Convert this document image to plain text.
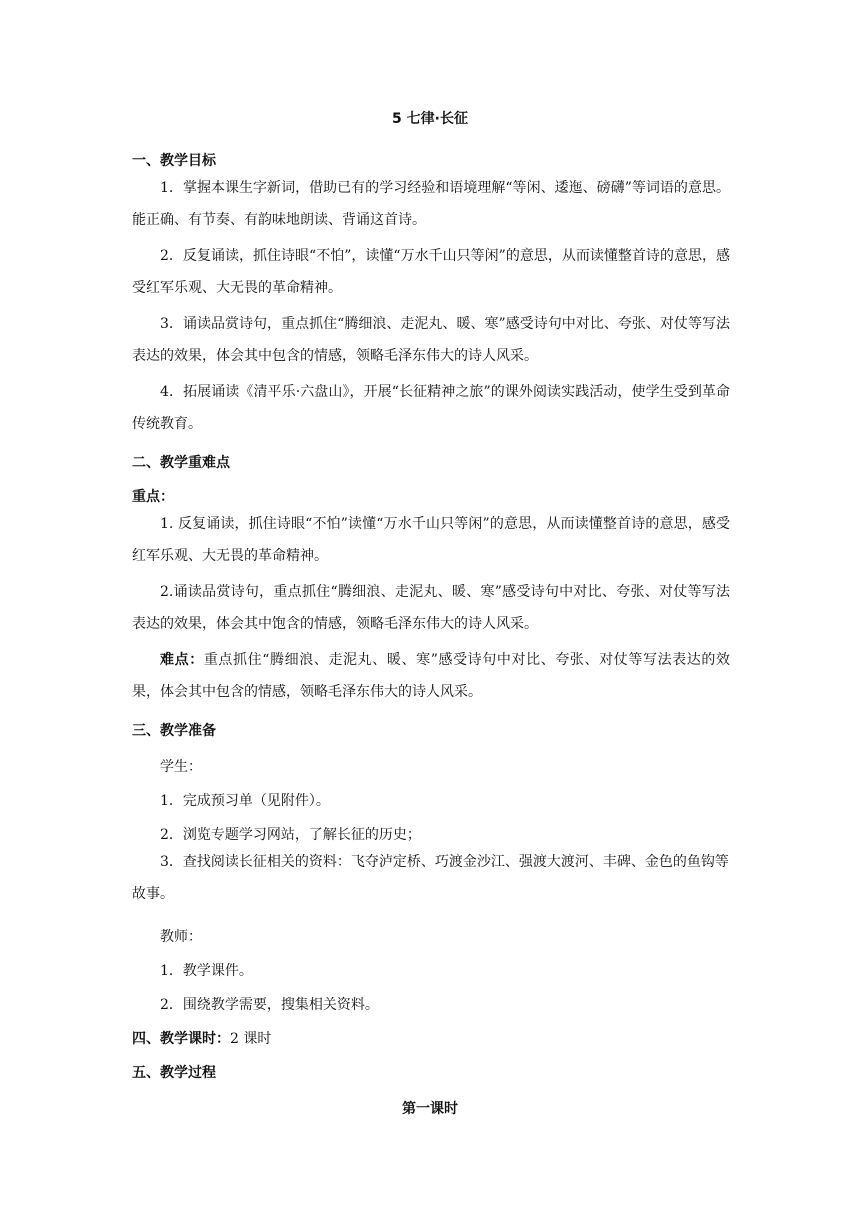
5 七律·长征
一、教学目标
1．掌握本课生字新词，借助已有的学习经验和语境理解“等闲、逶迤、磅礴”等词语的意思。能正确、有节奏、有韵味地朗读、背诵这首诗。
2．反复诵读，抓住诗眼“不怕”，读懂“万水千山只等闲”的意思，从而读懂整首诗的意思，感受红军乐观、大无畏的革命精神。
3．诵读品赏诗句，重点抓住“腾细浪、走泥丸、暖、寒”感受诗句中对比、夸张、对仗等写法表达的效果，体会其中包含的情感，领略毛泽东伟大的诗人风采。
4．拓展诵读《清平乐·六盘山》，开展“长征精神之旅”的课外阅读实践活动，使学生受到革命传统教育。
二、教学重难点
重点：
1. 反复诵读，抓住诗眼“不怕”读懂“万水千山只等闲”的意思，从而读懂整首诗的意思，感受红军乐观、大无畏的革命精神。
2.诵读品赏诗句，重点抓住“腾细浪、走泥丸、暖、寒”感受诗句中对比、夸张、对仗等写法表达的效果，体会其中饱含的情感，领略毛泽东伟大的诗人风采。
难点：重点抓住“腾细浪、走泥丸、暖、寒”感受诗句中对比、夸张、对仗等写法表达的效果，体会其中包含的情感，领略毛泽东伟大的诗人风采。
三、教学准备
学生：
1．完成预习单（见附件）。
2．浏览专题学习网站，了解长征的历史；
3．查找阅读长征相关的资料：飞夺泸定桥、巧渡金沙江、强渡大渡河、丰碑、金色的鱼钩等故事。
教师：
1．教学课件。
2．围绕教学需要，搜集相关资料。
四、教学课时：2 课时
五、教学过程
第一课时
